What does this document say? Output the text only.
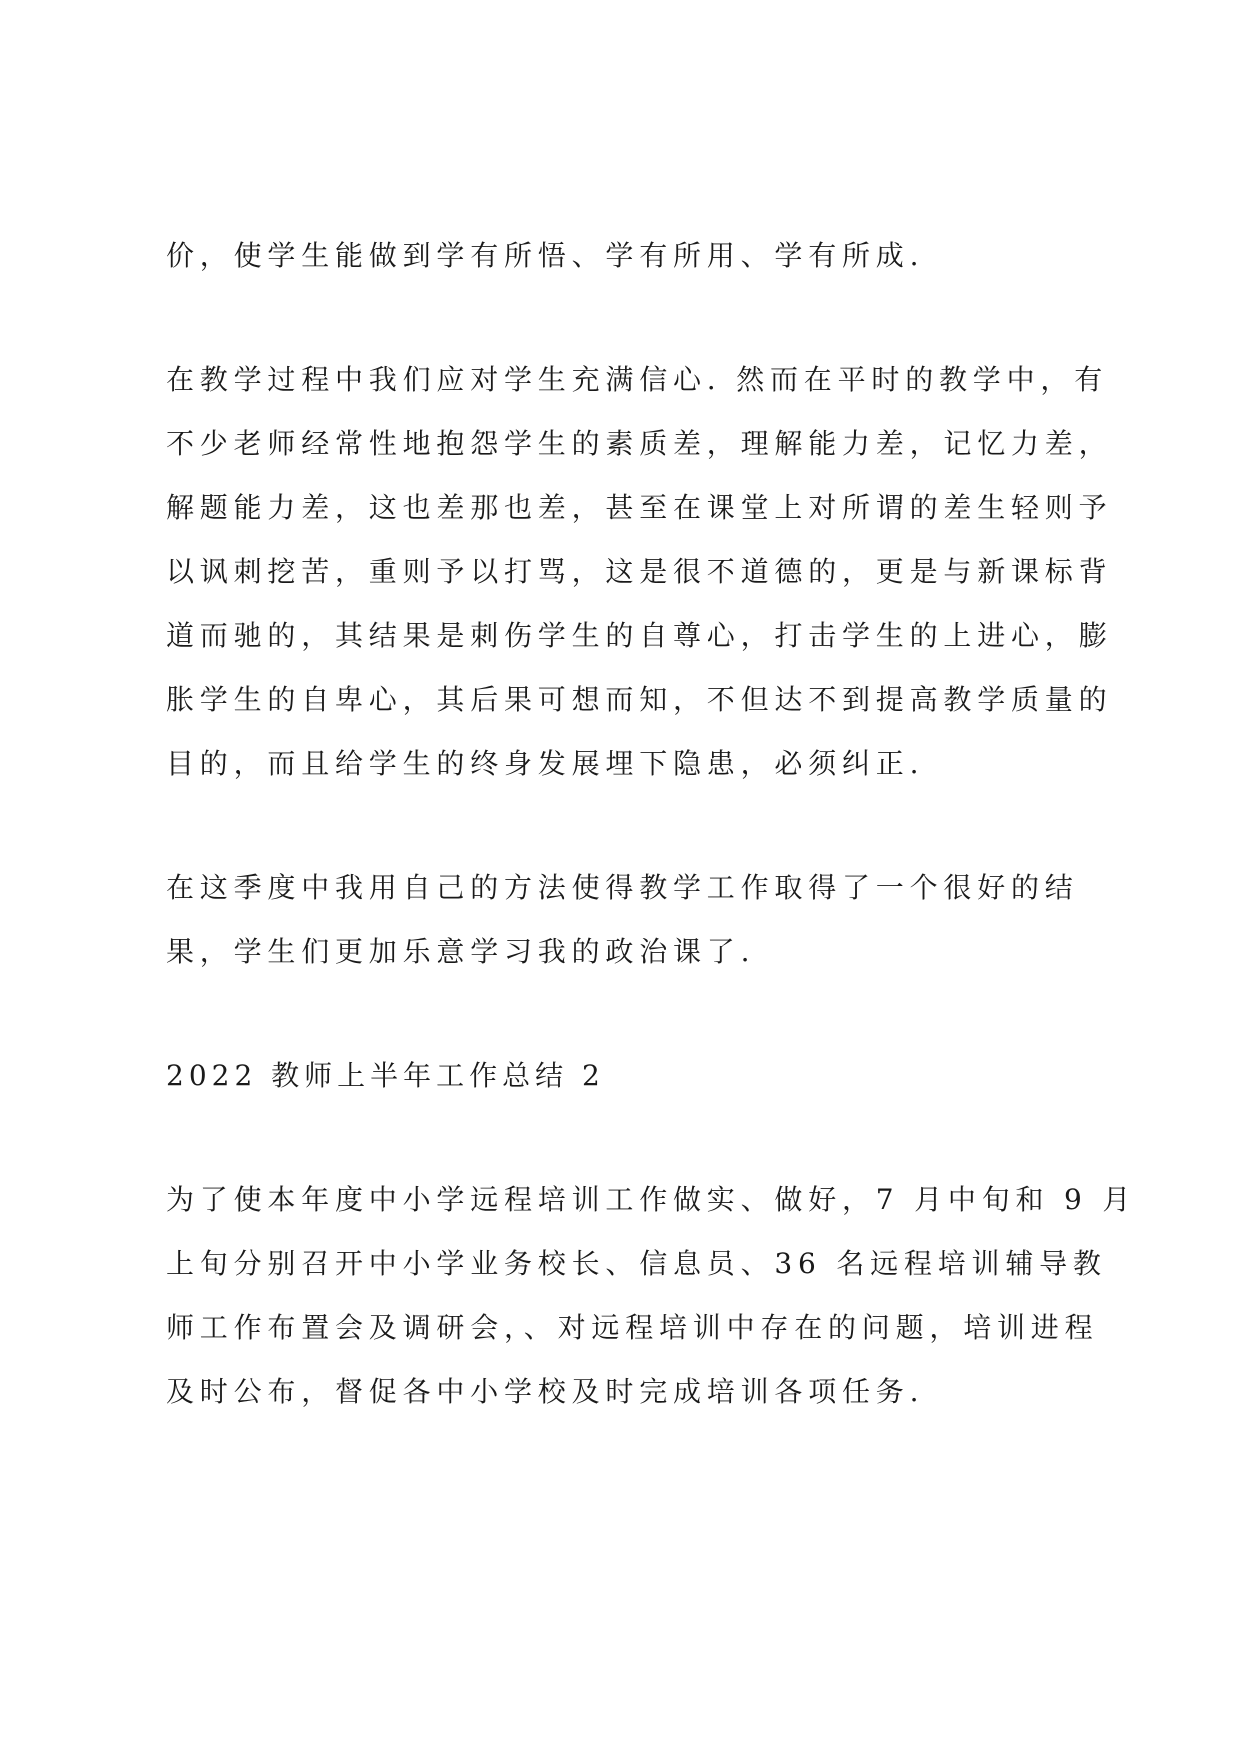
价，使学生能做到学有所悟、学有所用、学有所成.
在教学过程中我们应对学生充满信心. 然而在平时的教学中，有
不少老师经常性地抱怨学生的素质差，理解能力差，记忆力差，
解题能力差，这也差那也差，甚至在课堂上对所谓的差生轻则予
以讽刺挖苦，重则予以打骂，这是很不道德的，更是与新课标背
道而驰的，其结果是刺伤学生的自尊心，打击学生的上进心，膨
胀学生的自卑心，其后果可想而知，不但达不到提高教学质量的
目的，而且给学生的终身发展埋下隐患，必须纠正.
在这季度中我用自己的方法使得教学工作取得了一个很好的结
果，学生们更加乐意学习我的政治课了.
2022 教师上半年工作总结 2
为了使本年度中小学远程培训工作做实、做好，7 月中旬和 9 月
上旬分别召开中小学业务校长、信息员、36 名远程培训辅导教
师工作布置会及调研会，、对远程培训中存在的问题，培训进程
及时公布，督促各中小学校及时完成培训各项任务.
